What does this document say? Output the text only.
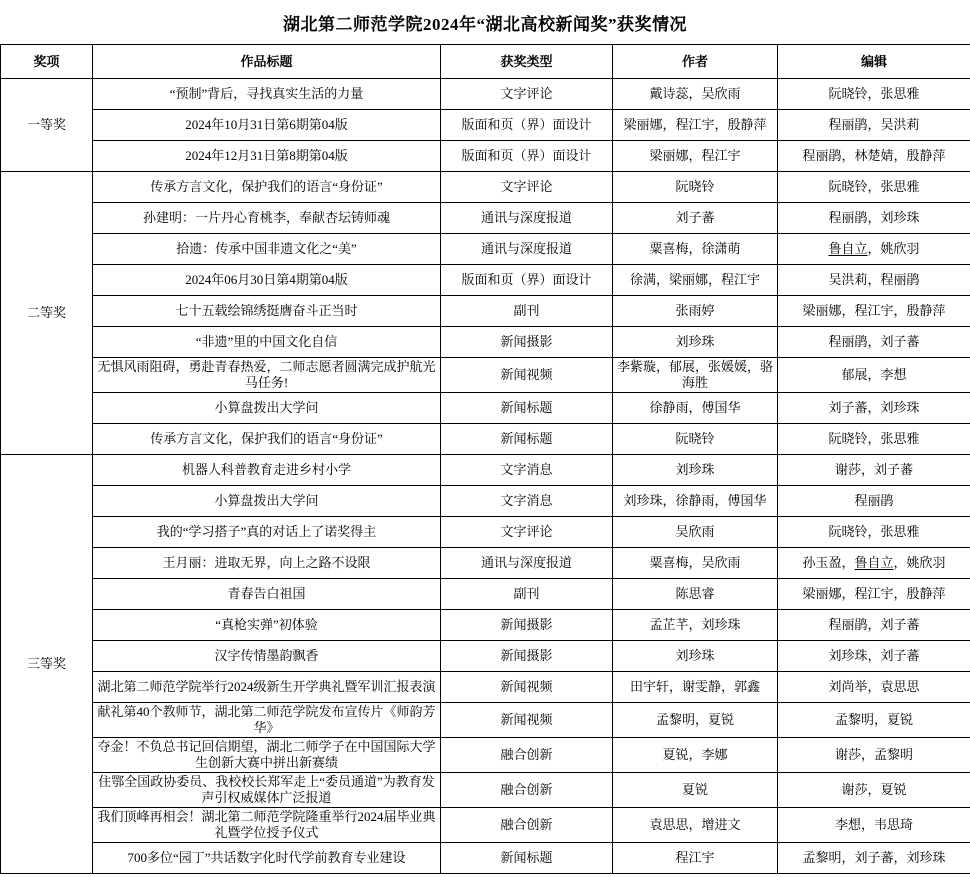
湖北第二师范学院2024年“湖北高校新闻奖”获奖情况
奖项	作品标题	获奖类型	作者	编辑
一等奖	“预制”背后，寻找真实生活的力量	文字评论	戴诗蕊，吴欣雨	阮晓铃，张思雅
	2024年10月31日第6期第04版	版面和页（界）面设计	梁丽娜，程江宇，殷静萍	程丽鹃，吴洪莉
	2024年12月31日第8期第04版	版面和页（界）面设计	梁丽娜，程江宇	程丽鹃，林楚婧，殷静萍
二等奖	传承方言文化，保护我们的语言“身份证”	文字评论	阮晓铃	阮晓铃，张思雅
	孙建明：一片丹心育桃李，奉献杏坛铸师魂	通讯与深度报道	刘子蕃	程丽鹃，刘珍珠
	拾遗：传承中国非遗文化之“美”	通讯与深度报道	粟喜梅，徐潇萌	鲁自立，姚欣羽
	2024年06月30日第4期第04版	版面和页（界）面设计	徐满，梁丽娜，程江宇	吴洪莉，程丽鹃
	七十五载绘锦绣挺膺奋斗正当时	副刊	张雨婷	梁丽娜，程江宇，殷静萍
	“非遗”里的中国文化自信	新闻摄影	刘珍珠	程丽鹃，刘子蕃
	无惧风雨阻碍，勇赴青春热爱，二师志愿者圆满完成护航光马任务!	新闻视频	李紫璇，郁展，张媛媛，骆海胜	郁展，李想
	小算盘拨出大学问	新闻标题	徐静雨，傅国华	刘子蕃，刘珍珠
	传承方言文化，保护我们的语言“身份证”	新闻标题	阮晓铃	阮晓铃，张思雅
三等奖	机器人科普教育走进乡村小学	文字消息	刘珍珠	谢莎，刘子蕃
	小算盘拨出大学问	文字消息	刘珍珠，徐静雨，傅国华	程丽鹃
	我的“学习搭子”真的对话上了诺奖得主	文字评论	吴欣雨	阮晓铃，张思雅
	王月丽：进取无界，向上之路不设限	通讯与深度报道	粟喜梅，吴欣雨	孙玉盈，鲁自立，姚欣羽
	青春告白祖国	副刊	陈思睿	梁丽娜，程江宇，殷静萍
	“真枪实弹”初体验	新闻摄影	孟芷芊，刘珍珠	程丽鹃，刘子蕃
	汉字传情墨韵飘香	新闻摄影	刘珍珠	刘珍珠，刘子蕃
	湖北第二师范学院举行2024级新生开学典礼暨军训汇报表演	新闻视频	田宇轩，谢雯静，郭鑫	刘尚举，袁思思
	献礼第40个教师节，湖北第二师范学院发布宣传片《师韵芳华》	新闻视频	孟黎明，夏锐	孟黎明，夏锐
	夺金！不负总书记回信期望，湖北二师学子在中国国际大学生创新大赛中拼出新赛绩	融合创新	夏锐，李娜	谢莎，孟黎明
	住鄂全国政协委员、我校校长郑军走上“委员通道”为教育发声引权威媒体广泛报道	融合创新	夏锐	谢莎，夏锐
	我们顶峰再相会！湖北第二师范学院隆重举行2024届毕业典礼暨学位授予仪式	融合创新	袁思思，增进文	李想，韦思琦
	700多位“园丁”共话数字化时代学前教育专业建设	新闻标题	程江宇	孟黎明，刘子蕃，刘珍珠
